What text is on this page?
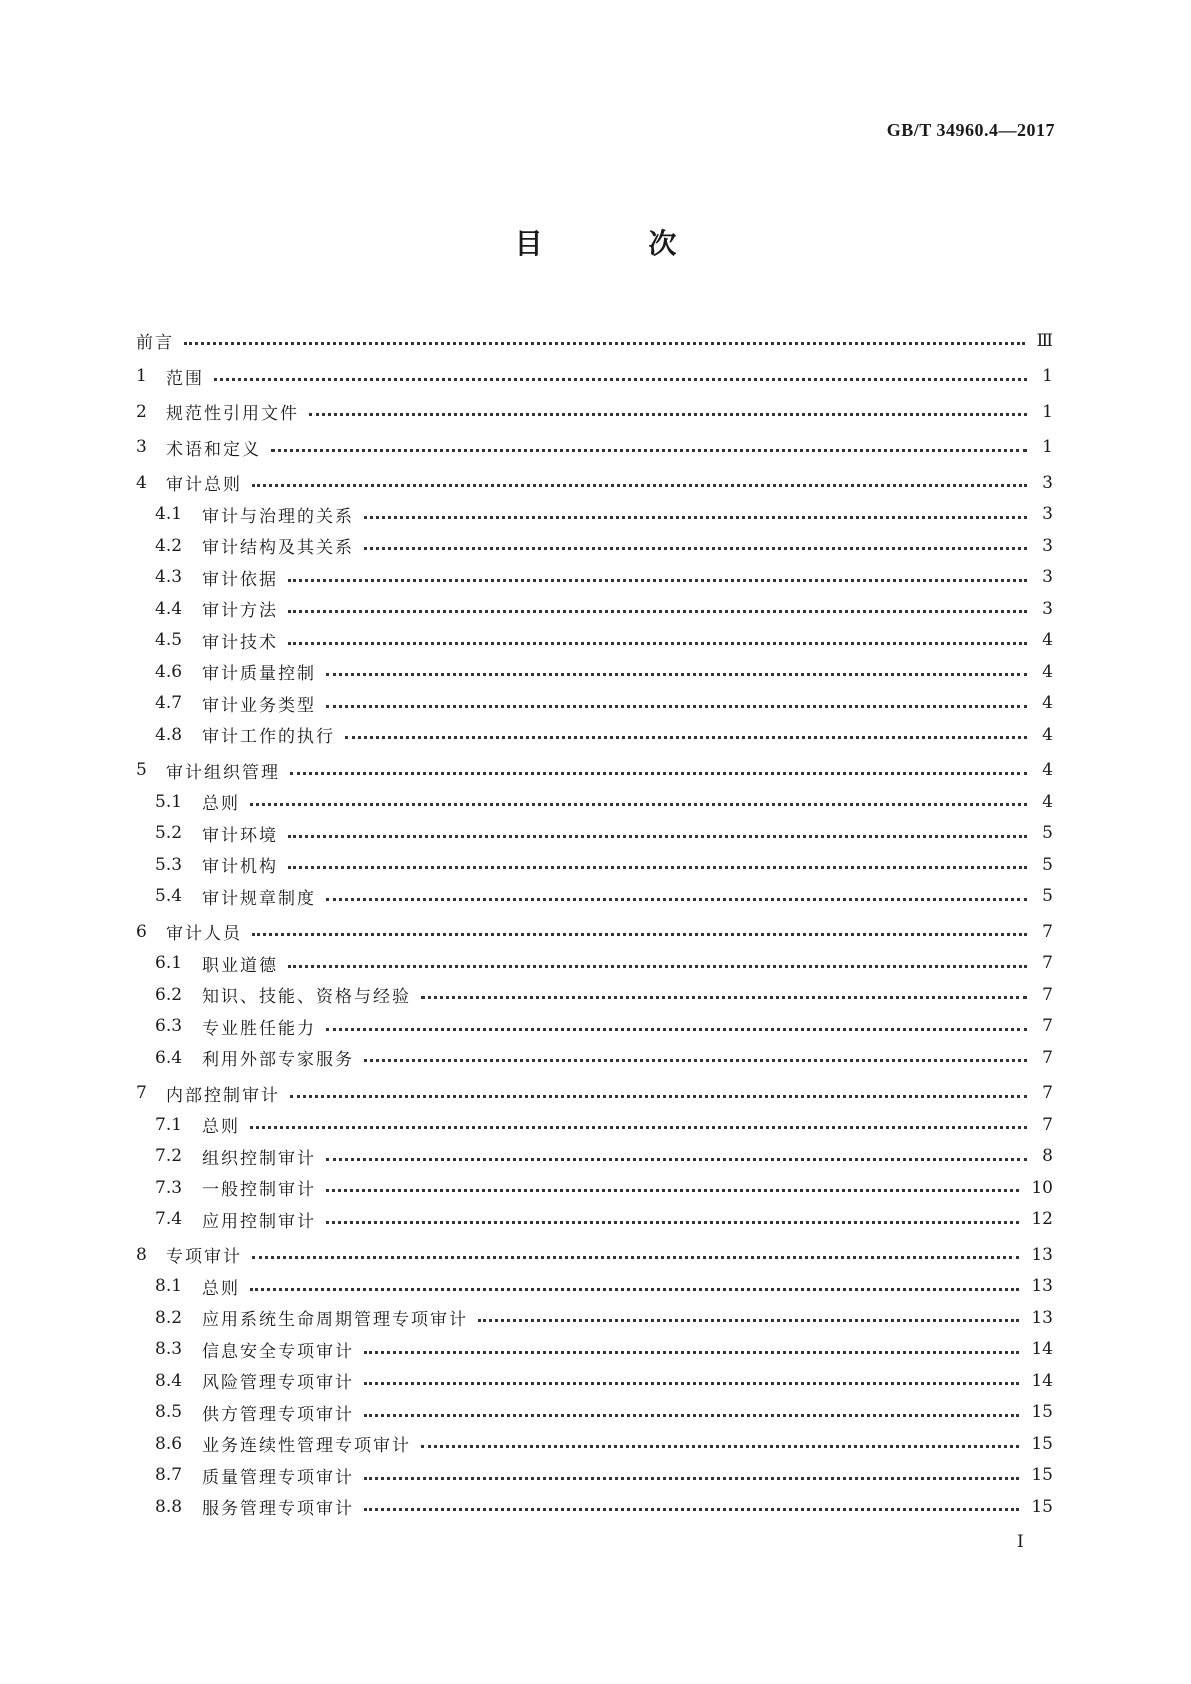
GB/T 34960.4—2017
目 次
前言	Ⅲ
1	范围	1
2	规范性引用文件	1
3	术语和定义	1
4	审计总则	3
4.1	审计与治理的关系	3
4.2	审计结构及其关系	3
4.3	审计依据	3
4.4	审计方法	3
4.5	审计技术	4
4.6	审计质量控制	4
4.7	审计业务类型	4
4.8	审计工作的执行	4
5	审计组织管理	4
5.1	总则	4
5.2	审计环境	5
5.3	审计机构	5
5.4	审计规章制度	5
6	审计人员	7
6.1	职业道德	7
6.2	知识、技能、资格与经验	7
6.3	专业胜任能力	7
6.4	利用外部专家服务	7
7	内部控制审计	7
7.1	总则	7
7.2	组织控制审计	8
7.3	一般控制审计	10
7.4	应用控制审计	12
8	专项审计	13
8.1	总则	13
8.2	应用系统生命周期管理专项审计	13
8.3	信息安全专项审计	14
8.4	风险管理专项审计	14
8.5	供方管理专项审计	15
8.6	业务连续性管理专项审计	15
8.7	质量管理专项审计	15
8.8	服务管理专项审计	15
I
